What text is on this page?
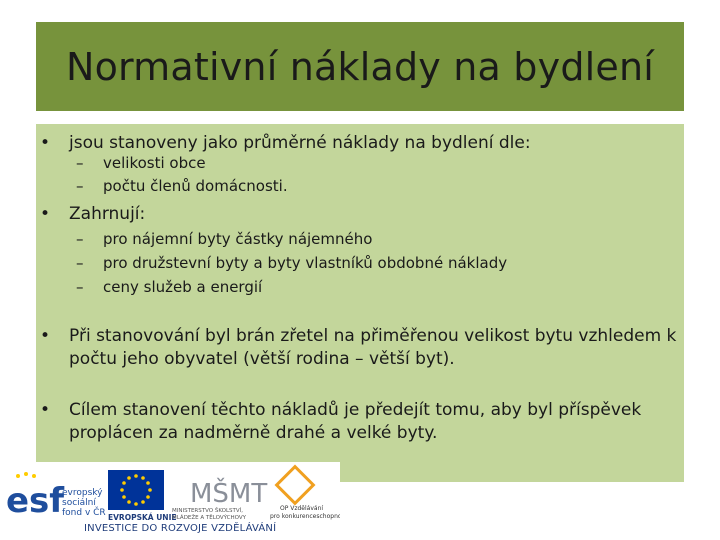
Normativní náklady na bydlení
• jsou stanoveny jako průměrné náklady na bydlení dle:
– velikosti obce
– počtu členů domácnosti.
• Zahrnují:
– pro nájemní byty částky nájemného
– pro družstevní byty a byty vlastníků obdobné náklady
– ceny služeb a energií
• Při stanovování byl brán zřetel na přiměřenou velikost bytu vzhledem k počtu jeho obyvatel (větší rodina – větší byt).
• Cílem stanovení těchto nákladů je předejít tomu, aby byl příspěvek proplácen za nadměrně drahé a velké byty.
esf
evropský
sociální
fond v ČR EVROPSKÁ UNIE
MŠMT
MINISTERSTVO ŠKOLSTVÍ,
MLÁDEŽE A TĚLOVÝCHOVY
OP Vzdělávání
pro konkurenceschopnost
INVESTICE DO ROZVOJE VZDĚLÁVÁNÍ
